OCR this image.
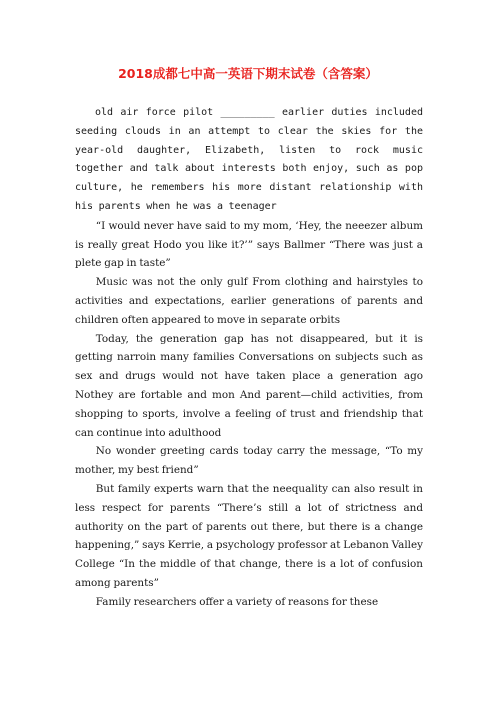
2018成都七中高一英语下期末试卷（含答案）

old air force pilot _________ earlier duties included seeding clouds in an attempt to clear the skies for the year-old daughter, Elizabeth, listen to rock music together and talk about interests both enjoy, such as pop culture, he remembers his more distant relationship with his parents when he was a teenager

“I would never have said to my mom, ‘Hey, the neeezer album is really great Hodo you like it?’” says Ballmer “There was just a plete gap in taste”

Music was not the only gulf From clothing and hairstyles to activities and expectations, earlier generations of parents and children often appeared to move in separate orbits

Today, the generation gap has not disappeared, but it is getting narroin many families Conversations on subjects such as sex and drugs would not have taken place a generation ago Nothey are fortable and mon And parent—child activities, from shopping to sports, involve a feeling of trust and friendship that can continue into adulthood

No wonder greeting cards today carry the message, “To my mother, my best friend”

But family experts warn that the neequality can also result in less respect for parents “There’s still a lot of strictness and authority on the part of parents out there, but there is a change happening,” says Kerrie, a psychology professor at Lebanon Valley College “In the middle of that change, there is a lot of confusion among parents”

Family researchers offer a variety of reasons for these
